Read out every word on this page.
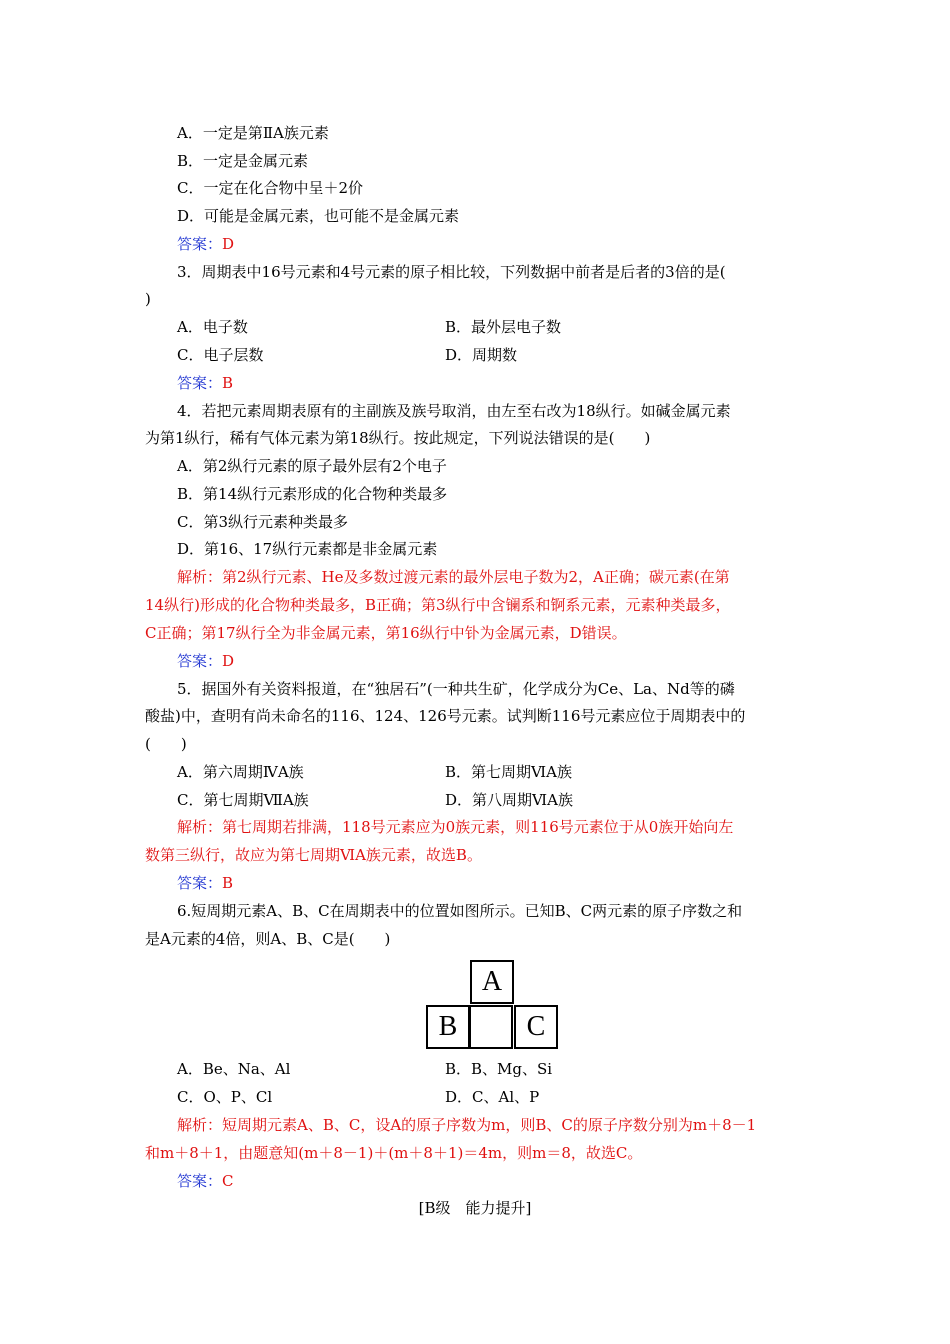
A．一定是第ⅡA族元素
B．一定是金属元素
C．一定在化合物中呈＋2价
D．可能是金属元素，也可能不是金属元素
答案：D
3．周期表中16号元素和4号元素的原子相比较，下列数据中前者是后者的3倍的是(
)
A．电子数	B．最外层电子数
C．电子层数	D．周期数
答案：B
4．若把元素周期表原有的主副族及族号取消，由左至右改为18纵行。如碱金属元素
为第1纵行，稀有气体元素为第18纵行。按此规定，下列说法错误的是(　　)
A．第2纵行元素的原子最外层有2个电子
B．第14纵行元素形成的化合物种类最多
C．第3纵行元素种类最多
D．第16、17纵行元素都是非金属元素
解析：第2纵行元素、He及多数过渡元素的最外层电子数为2，A正确；碳元素(在第
14纵行)形成的化合物种类最多，B正确；第3纵行中含镧系和锕系元素，元素种类最多，
C正确；第17纵行全为非金属元素，第16纵行中钋为金属元素，D错误。
答案：D
5．据国外有关资料报道，在“独居石”(一种共生矿，化学成分为Ce、La、Nd等的磷
酸盐)中，查明有尚未命名的116、124、126号元素。试判断116号元素应位于周期表中的
(　　)
A．第六周期ⅣA族	B．第七周期ⅥA族
C．第七周期ⅦA族	D．第八周期ⅥA族
解析：第七周期若排满，118号元素应为0族元素，则116号元素位于从0族开始向左
数第三纵行，故应为第七周期ⅥA族元素，故选B。
答案：B
6.短周期元素A、B、C在周期表中的位置如图所示。已知B、C两元素的原子序数之和
是A元素的4倍，则A、B、C是(　　)
A
B	C
A．Be、Na、Al	B．B、Mg、Si
C．O、P、Cl	D．C、Al、P
解析：短周期元素A、B、C，设A的原子序数为m，则B、C的原子序数分别为m＋8－1
和m＋8＋1，由题意知(m＋8－1)＋(m＋8＋1)＝4m，则m＝8，故选C。
答案：C
[B级　能力提升]
